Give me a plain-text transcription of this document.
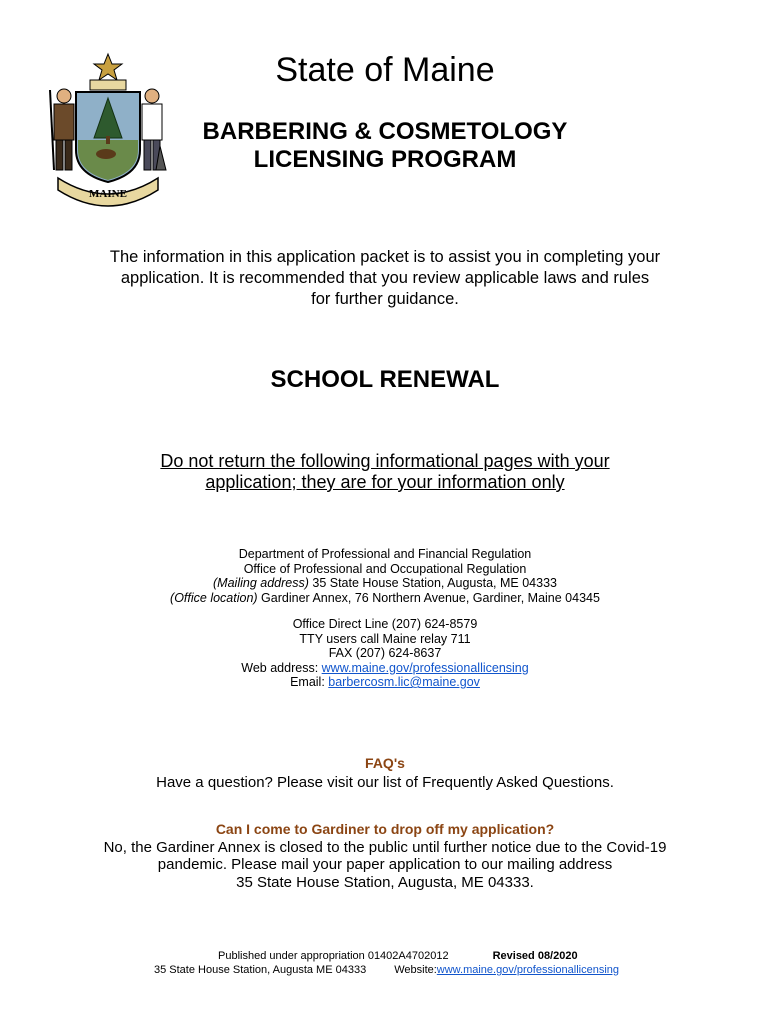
MAINE
State of Maine
BARBERING & COSMETOLOGY
LICENSING PROGRAM
The information in this application packet is to assist you in completing your
application. It is recommended that you review applicable laws and rules
for further guidance.
SCHOOL RENEWAL
Do not return the following informational pages with your
application; they are for your information only
Department of Professional and Financial Regulation
Office of Professional and Occupational Regulation
(Mailing address) 35 State House Station, Augusta, ME 04333
(Office location) Gardiner Annex, 76 Northern Avenue, Gardiner, Maine 04345
Office Direct Line (207) 624-8579
TTY users call Maine relay 711
FAX (207) 624-8637
Web address: www.maine.gov/professionallicensing
Email: barbercosm.lic@maine.gov
FAQ's
Have a question? Please visit our list of Frequently Asked Questions.
Can I come to Gardiner to drop off my application?
No, the Gardiner Annex is closed to the public until further notice due to the Covid-19
pandemic. Please mail your paper application to our mailing address
35 State House Station, Augusta, ME 04333.
Published under appropriation 01402A4702012	Revised 08/2020
35 State House Station, Augusta ME 04333	Website: www.maine.gov/professionallicensing
